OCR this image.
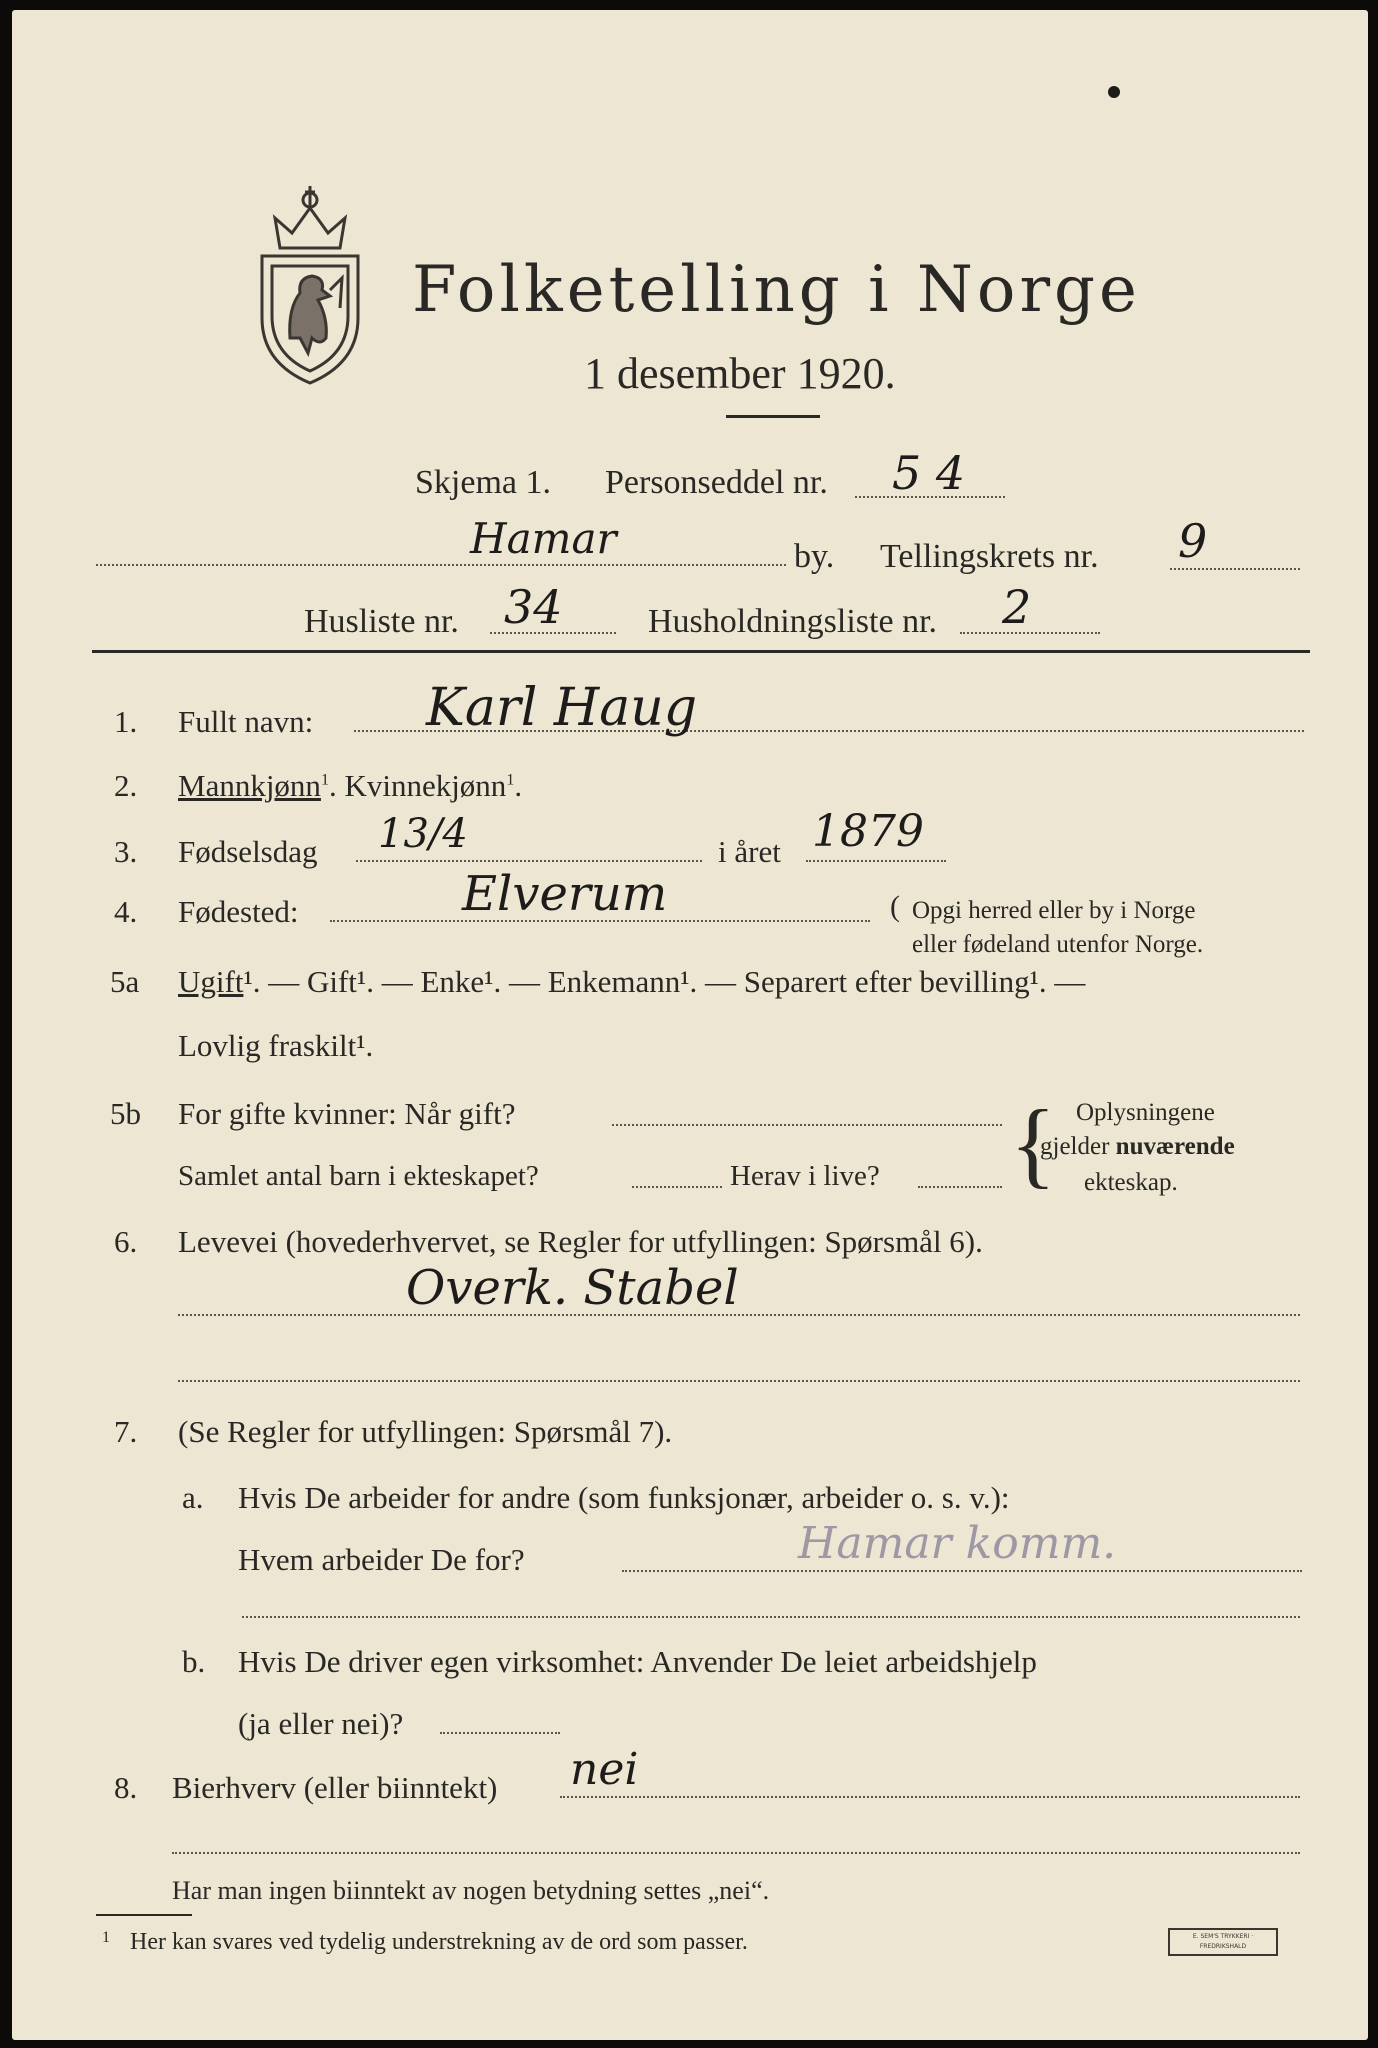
Folketelling i Norge
1 desember 1920.
Skjema 1. Personseddel nr. 5 4
Hamar	by. Tellingskrets nr. 9
Husliste nr. 34	Husholdningsliste nr. 2
1. Fullt navn: Karl Haug
2. Mannkjønn$^1$. Kvinnekjønn$^1$.
3. Fødselsdag 13/4	i året 1879
4. Fødested:	Elverum	( Opgi herred eller by i Norge
eller fødeland utenfor Norge.
5a Ugift¹. — Gift¹. — Enke¹. — Enkemann¹. — Separert efter bevilling¹. —
Lovlig fraskilt¹.
5b For gifte kvinner: Når gift?
Samlet antal barn i ekteskapet?	Herav i live? { Oplysningene
gjelder nuværende
ekteskap.
6. Levevei (hovederhvervet, se Regler for utfyllingen: Spørsmål 6).
Overk. Stabel
7. (Se Regler for utfyllingen: Spørsmål 7).
a. Hvis De arbeider for andre (som funksjonær, arbeider o. s. v.):
Hvem arbeider De for?	Hamar komm.
b. Hvis De driver egen virksomhet: Anvender De leiet arbeidshjelp
(ja eller nei)?
8. Bierhverv (eller biinntekt) nei
Har man ingen biinntekt av nogen betydning settes „nei“.
1 Her kan svares ved tydelig understrekning av de ord som passer.	E. SEM'S TRYKKERI · FREDRIKSHALD
